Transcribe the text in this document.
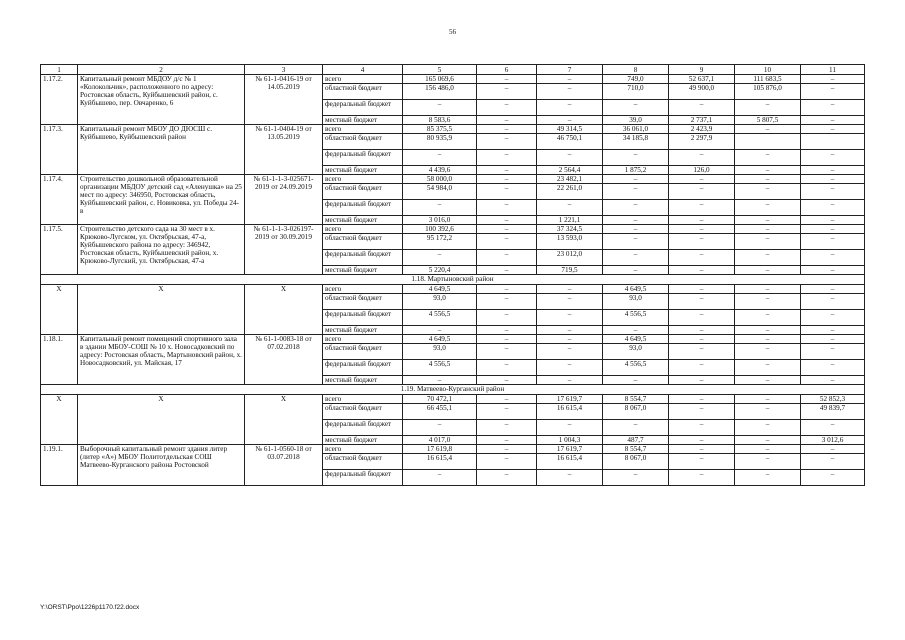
56
1	2	3	4	5	6	7	8	9	10	11
1.17.2.	Капитальный ремонт МБДОУ д/с № 1 «Колокольчик», расположенного по адресу: Ростовская область, Куйбышевский район, с. Куйбышево, пер. Овчаренко, 6	№ 61-1-0416-19 от 14.05.2019	всего	165 069,6	–	–	749,0	52 637,1	111 683,5	–
			областной бюджет	156 486,0	–	–	710,0	49 900,0	105 876,0	–
			федеральный бюджет	–	–	–	–	–	–	–
			местный бюджет	8 583,6	–	–	39,0	2 737,1	5 807,5	–
1.17.3.	Капитальный ремонт МБОУ ДО ДЮСШ с. Куйбышево, Куйбышевский район	№ 61-1-0404-19 от 13.05.2019	всего	85 375,5	–	49 314,5	36 061,0	2 423,9	–	–
			областной бюджет	80 935,9	–	46 750,1	34 185,8	2 297,9		
			федеральный бюджет	–	–	–	–	–	–	–
			местный бюджет	4 439,6	–	2 564,4	1 875,2	126,0	–	–
1.17.4.	Строительство дошкольной образовательной организации МБДОУ детский сад «Аленушка» на 25 мест по адресу: 346950, Ростовская область, Куйбышевский район, с. Новиковка, ул. Победы 24-в	№ 61-1-1-3-025671-2019 от 24.09.2019	всего	58 000,0	–	23 482,1	–	–	–	–
			областной бюджет	54 984,0	–	22 261,0	–	–	–	–
			федеральный бюджет	–	–	–	–	–	–	–
			местный бюджет	3 016,0	–	1 221,1	–	–	–	–
1.17.5.	Строительство детского сада на 30 мест в х. Крюково-Лугском, ул. Октябрьская, 47-а, Куйбышевского района по адресу: 346942, Ростовская область, Куйбышевский район, х. Крюково-Лугский, ул. Октябрьская, 47-а	№ 61-1-1-3-026197-2019 от 30.09.2019	всего	100 392,6	–	37 324,5	–	–	–	–
			областной бюджет	95 172,2	–	13 593,0	–	–	–	–
			федеральный бюджет	–	–	23 012,0	–	–	–	–
			местный бюджет	5 220,4	–	719,5	–	–	–	–
1.18. Мартыновский район										
Х	Х	Х	всего	4 649,5	–	–	4 649,5	–	–	–
			областной бюджет	93,0	–	–	93,0	–	–	–
			федеральный бюджет	4 556,5	–	–	4 556,5	–	–	–
			местный бюджет	–	–	–	–	–	–	–
1.18.1.	Капитальный ремонт помещений спортивного зала в здании МБОУ-СОШ № 10 х. Новосадковский по адресу: Ростовская область, Мартыновский район, х. Новосадковский, ул. Майская, 17	№ 61-1-0083-18 от 07.02.2018	всего	4 649,5	–	–	4 649,5	–	–	–
			областной бюджет	93,0	–	–	93,0	–	–	–
			федеральный бюджет	4 556,5	–	–	4 556,5	–	–	–
			местный бюджет	–	–	–	–	–	–	–
1.19. Матвеево-Курганский район										
Х	Х	Х	всего	70 472,1	–	17 619,7	8 554,7	–	–	52 852,3
			областной бюджет	66 455,1	–	16 615,4	8 067,0	–	–	49 839,7
			федеральный бюджет	–	–	–	–	–	–	–
			местный бюджет	4 017,0	–	1 004,3	487,7	–	–	3 012,6
1.19.1.	Выборочный капитальный ремонт здания литер (литер «А») МБОУ Политотдельская СОШ Матвеево-Курганского района Ростовской	№ 61-1-0560-18 от 03.07.2018	всего	17 619,8	–	17 619,7	8 554,7	–	–	–
			областной бюджет	16 615,4	–	16 615,4	8 067,0	–	–	–
			федеральный бюджет	–	–	–	–	–	–	–
Y:\ORST\Ppo\1226p1170.f22.docx
